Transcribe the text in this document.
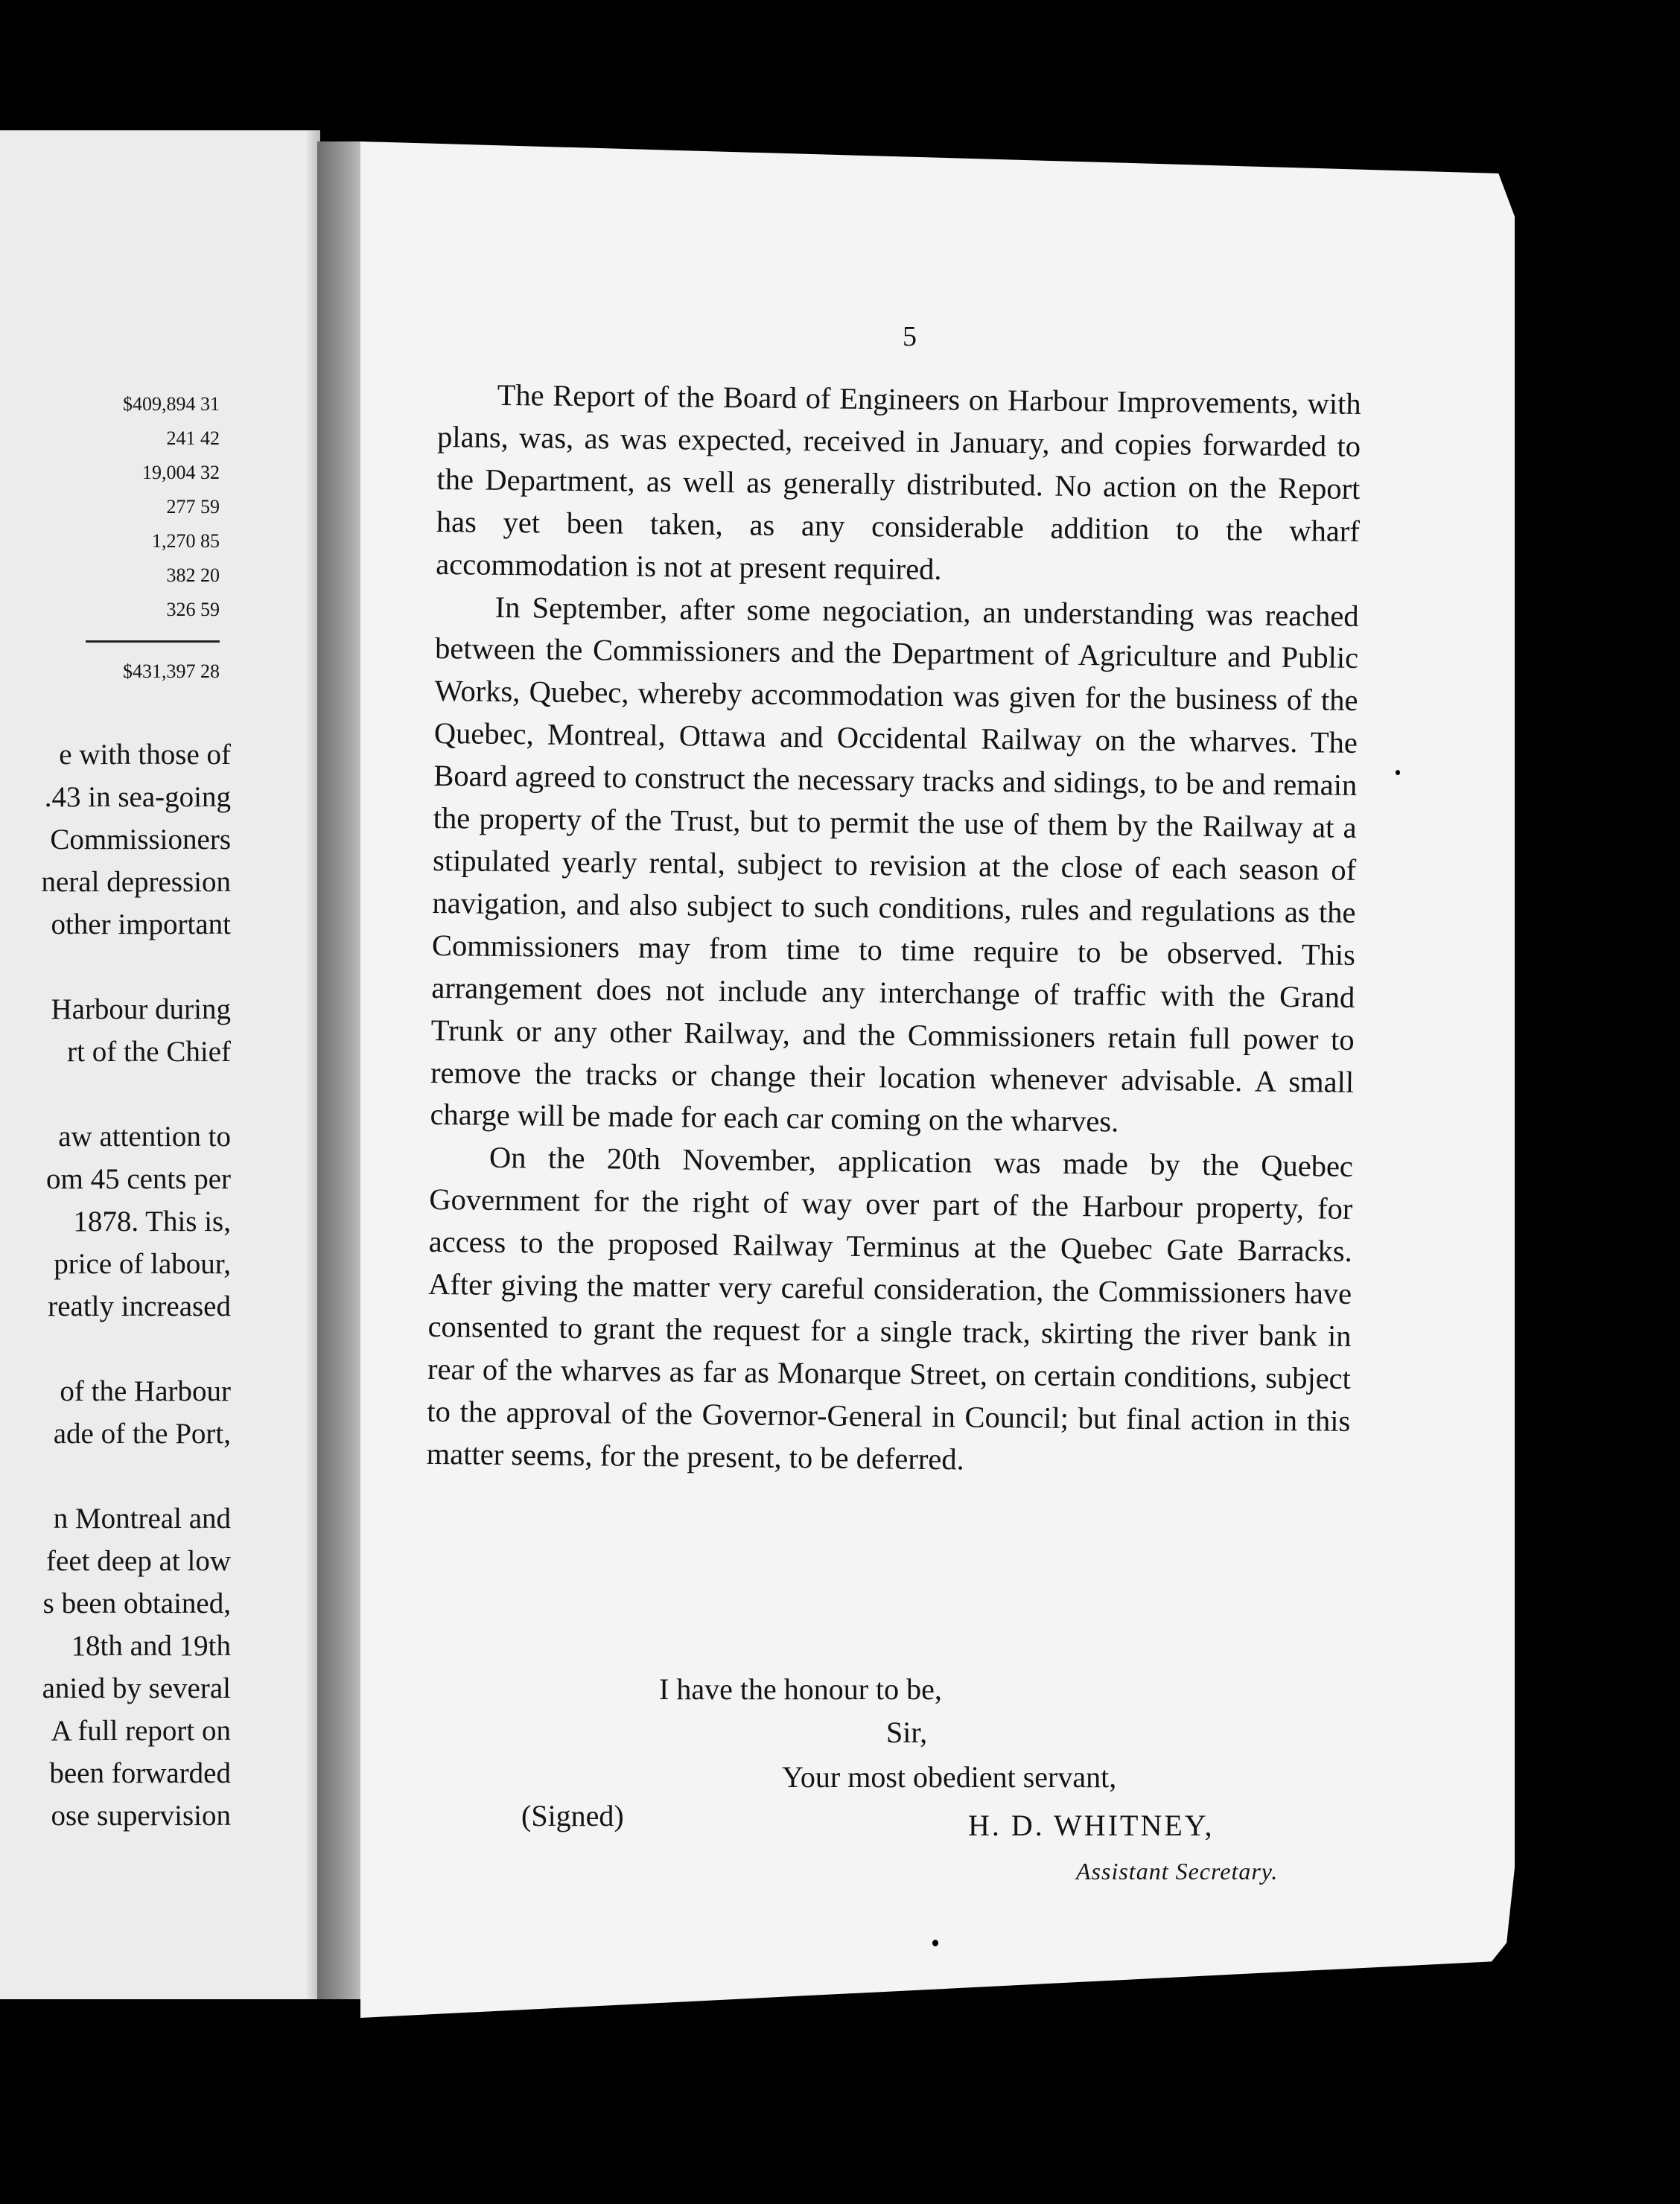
$409,894 31
241 42
19,004 32
277 59
1,270 85
382 20
326 59
$431,397 28
e with those of
.43 in sea-going
Commissioners
neral depression
other important
Harbour during
rt of the Chief
aw attention to
om 45 cents per
1878. This is,
price of labour,
reatly increased
of the Harbour
ade of the Port,
n Montreal and
feet deep at low
s been obtained,
18th and 19th
anied by several
A full report on
been forwarded
ose supervision
5

The Report of the Board of Engineers on Harbour Improvements, with plans, was, as was expected, received in January, and copies forwarded to the Department, as well as generally distributed. No action on the Report has yet been taken, as any considerable addition to the wharf accommodation is not at present required.

In September, after some negociation, an understanding was reached between the Commissioners and the Department of Agriculture and Public Works, Quebec, whereby accommodation was given for the business of the Quebec, Montreal, Ottawa and Occidental Railway on the wharves. The Board agreed to construct the necessary tracks and sidings, to be and remain the property of the Trust, but to permit the use of them by the Railway at a stipulated yearly rental, subject to revision at the close of each season of navigation, and also subject to such conditions, rules and regulations as the Commissioners may from time to time require to be observed. This arrangement does not include any interchange of traffic with the Grand Trunk or any other Railway, and the Commissioners retain full power to remove the tracks or change their location whenever advisable. A small charge will be made for each car coming on the wharves.

On the 20th November, application was made by the Quebec Government for the right of way over part of the Harbour property, for access to the proposed Railway Terminus at the Quebec Gate Barracks. After giving the matter very careful consideration, the Commissioners have consented to grant the request for a single track, skirting the river bank in rear of the wharves as far as Monarque Street, on certain conditions, subject to the approval of the Governor-General in Council; but final action in this matter seems, for the present, to be deferred.

I have the honour to be,
Sir,
Your most obedient servant,
(Signed)	H. D. WHITNEY,
Assistant Secretary.
